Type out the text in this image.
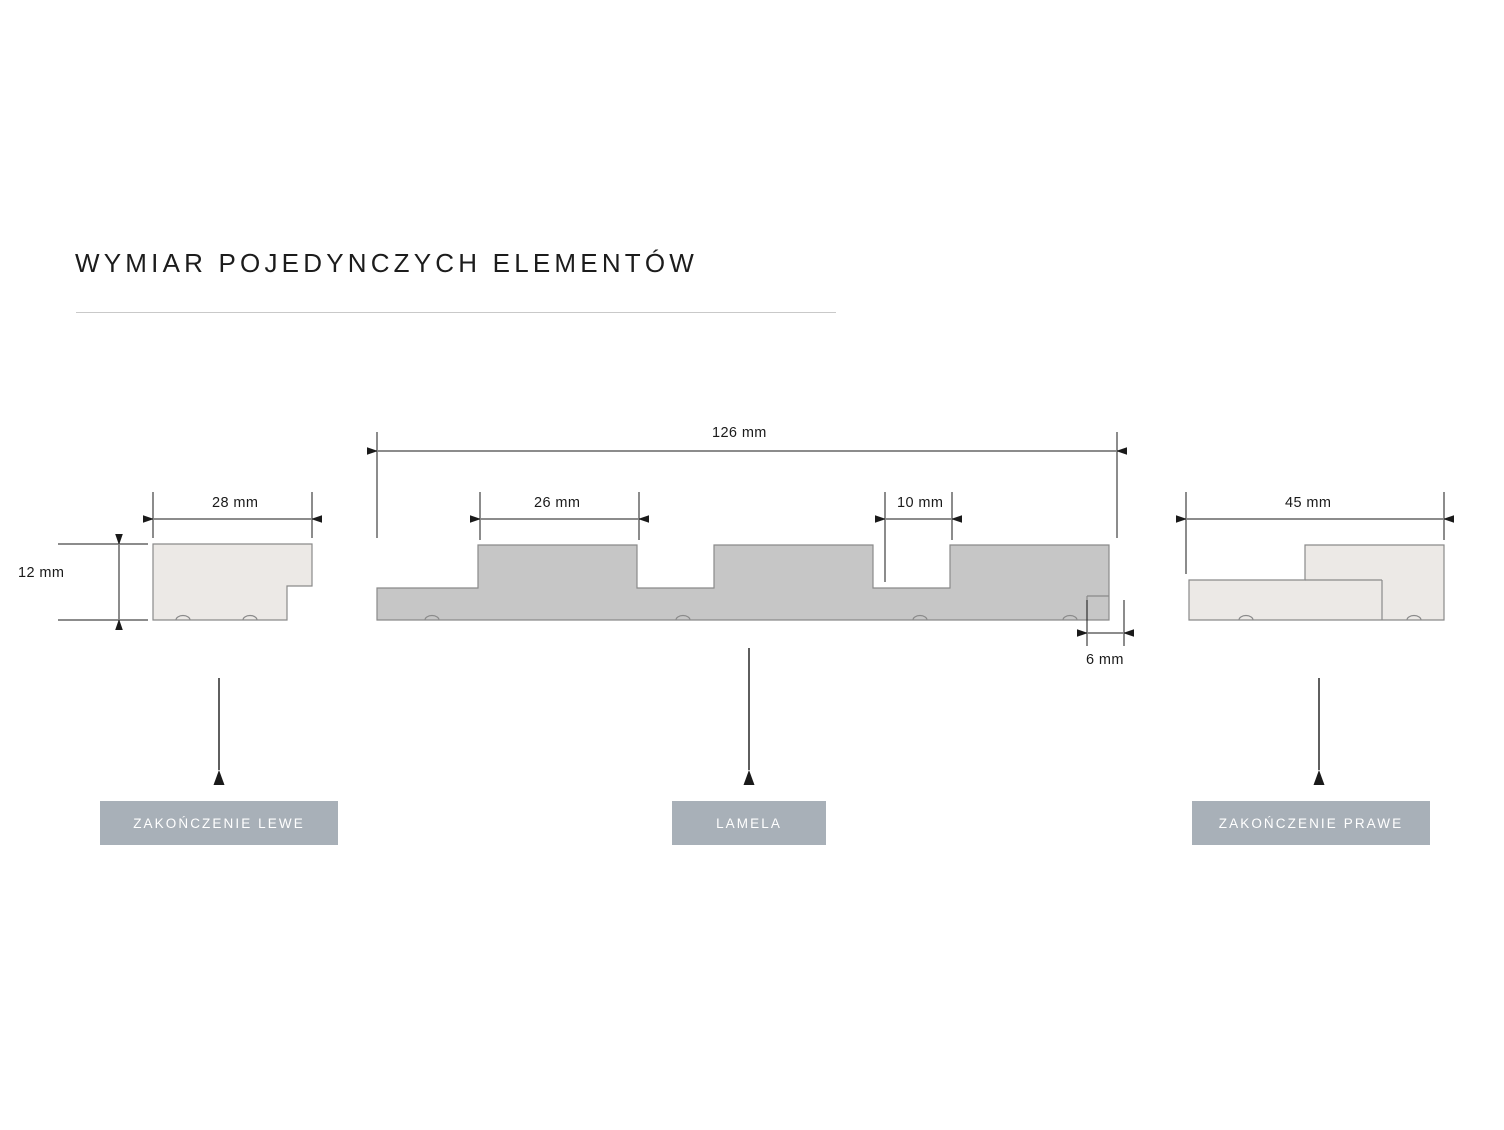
WYMIAR POJEDYNCZYCH ELEMENTÓW
28 mm
12 mm
126 mm
26 mm	10 mm
6 mm
45 mm
ZAKOŃCZENIE LEWE	LAMELA	ZAKOŃCZENIE PRAWE
